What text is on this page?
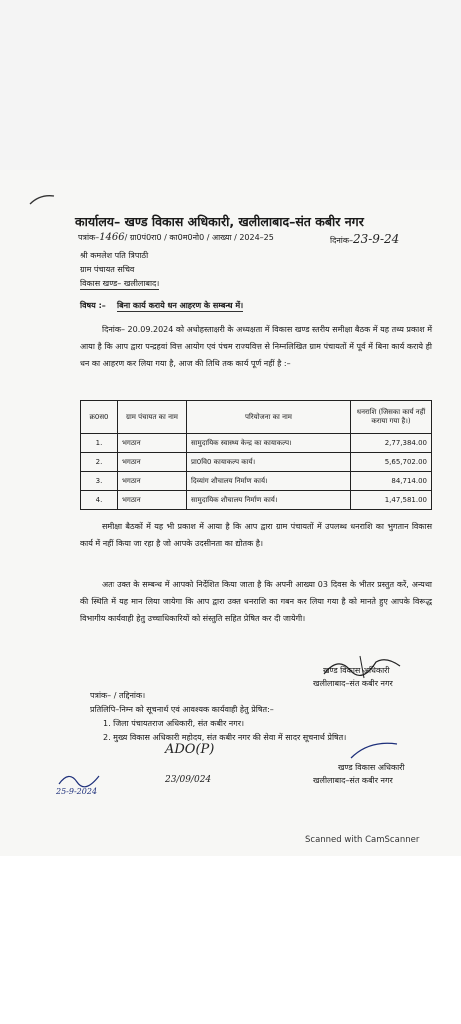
कार्यालय– खण्ड विकास अधिकारी, खलीलाबाद–संत कबीर नगर
पत्रांक–1466/ ग्रा0पं0रा0 / का0म0नो0 / आख्या / 2024–25	दिनांक–23-9-24
श्री कमलेश पति त्रिपाठी
ग्राम पंचायत सचिव
विकास खण्ड– खलीलाबाद।
विषय :– बिना कार्य कराये धन आहरण के सम्बन्ध में।
दिनांक– 20.09.2024 को अधोहस्ताक्षरी के अध्यक्षता में विकास खण्ड स्तरीय समीक्षा बैठक में यह तथ्य प्रकाश में आया है कि आप द्वारा पन्द्रहवां वित्त आयोग एवं पंचम राज्यवित्त से निम्नलिखित ग्राम पंचायतों में पूर्व में बिना कार्य कराये ही धन का आहरण कर लिया गया है, आज की तिथि तक कार्य पूर्ण नहीं है :–
क्र0स0	ग्राम पंचायत का नाम	परियोजना का नाम	धनराशि (जिसका कार्य नहीं कराया गया है।)
1.	भगठान	सामुदायिक स्वास्थ्य केन्द्र का कायाकल्प।	2,77,384.00
2.	भगठान	प्रा0वि0 कायाकल्प कार्य।	5,65,702.00
3.	भगठान	दिव्यांग शौचालय निर्माण कार्य।	84,714.00
4.	भगठान	सामुदायिक शौचालय निर्माण कार्य।	1,47,581.00
समीक्षा बैठकों में यह भी प्रकाश में आया है कि आप द्वारा ग्राम पंचायतों में उपलब्ध धनराशि का भुगतान विकास कार्य में नहीं किया जा रहा है जो आपके उदसीनता का द्योतक है।
अतः उक्त के सम्बन्ध में आपको निर्देशित किया जाता है कि अपनी आख्या 03 दिवस के भीतर प्रस्तुत करें, अन्यथा की स्थिति में यह मान लिया जायेगा कि आप द्वारा उक्त धनराशि का गबन कर लिया गया है को मानते हुए आपके विरूद्ध विभागीय कार्यवाही हेतु उच्चाधिकारियों को संस्तुति सहित प्रेषित कर दी जायेगी।
खण्ड विकास अधिकारी
खलीलाबाद–संत कबीर नगर
पत्रांक– / तद्दिनांक।
प्रतिलिपि–निम्न को सूचनार्थ एवं आवश्यक कार्यवाही हेतु प्रेषित:–
1. जिला पंचायतराज अधिकारी, संत कबीर नगर।
2. मुख्य विकास अधिकारी महोदय, संत कबीर नगर की सेवा में सादर सूचनार्थ प्रेषित।
ADO(P)
23/09/024
25-9-2024
खण्ड विकास अधिकारी
खलीलाबाद–संत कबीर नगर
Scanned with CamScanner
